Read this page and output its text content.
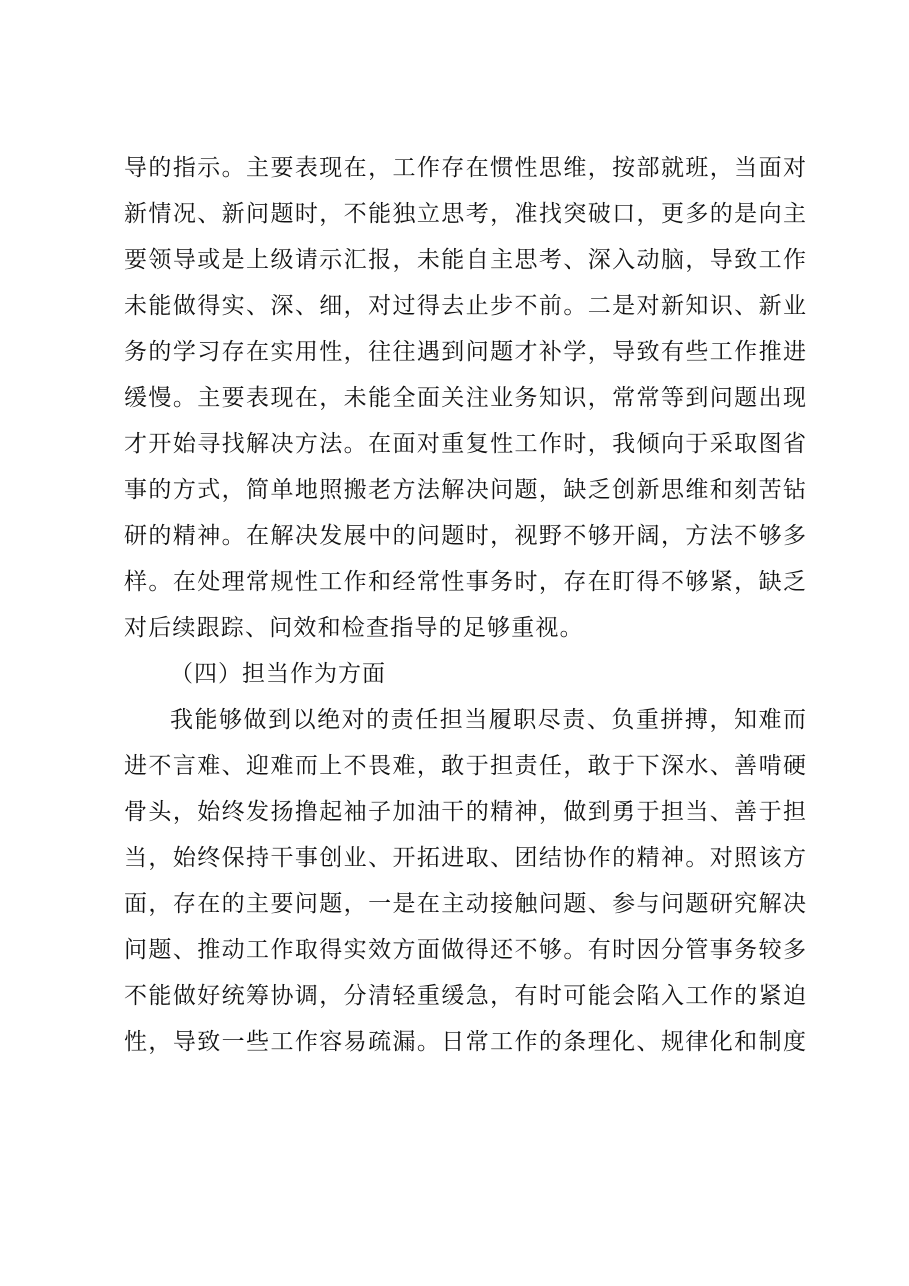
导的指示。主要表现在，工作存在惯性思维，按部就班，当面对
新情况、新问题时，不能独立思考，准找突破口，更多的是向主
要领导或是上级请示汇报，未能自主思考、深入动脑，导致工作
未能做得实、深、细，对过得去止步不前。二是对新知识、新业
务的学习存在实用性，往往遇到问题才补学，导致有些工作推进
缓慢。主要表现在，未能全面关注业务知识，常常等到问题出现
才开始寻找解决方法。在面对重复性工作时，我倾向于采取图省
事的方式，简单地照搬老方法解决问题，缺乏创新思维和刻苦钻
研的精神。在解决发展中的问题时，视野不够开阔，方法不够多
样。在处理常规性工作和经常性事务时，存在盯得不够紧，缺乏
对后续跟踪、问效和检查指导的足够重视。
（四）担当作为方面
我能够做到以绝对的责任担当履职尽责、负重拼搏，知难而
进不言难、迎难而上不畏难，敢于担责任，敢于下深水、善啃硬
骨头，始终发扬撸起袖子加油干的精神，做到勇于担当、善于担
当，始终保持干事创业、开拓进取、团结协作的精神。对照该方
面，存在的主要问题，一是在主动接触问题、参与问题研究解决
问题、推动工作取得实效方面做得还不够。有时因分管事务较多
不能做好统筹协调，分清轻重缓急，有时可能会陷入工作的紧迫
性，导致一些工作容易疏漏。日常工作的条理化、规律化和制度
